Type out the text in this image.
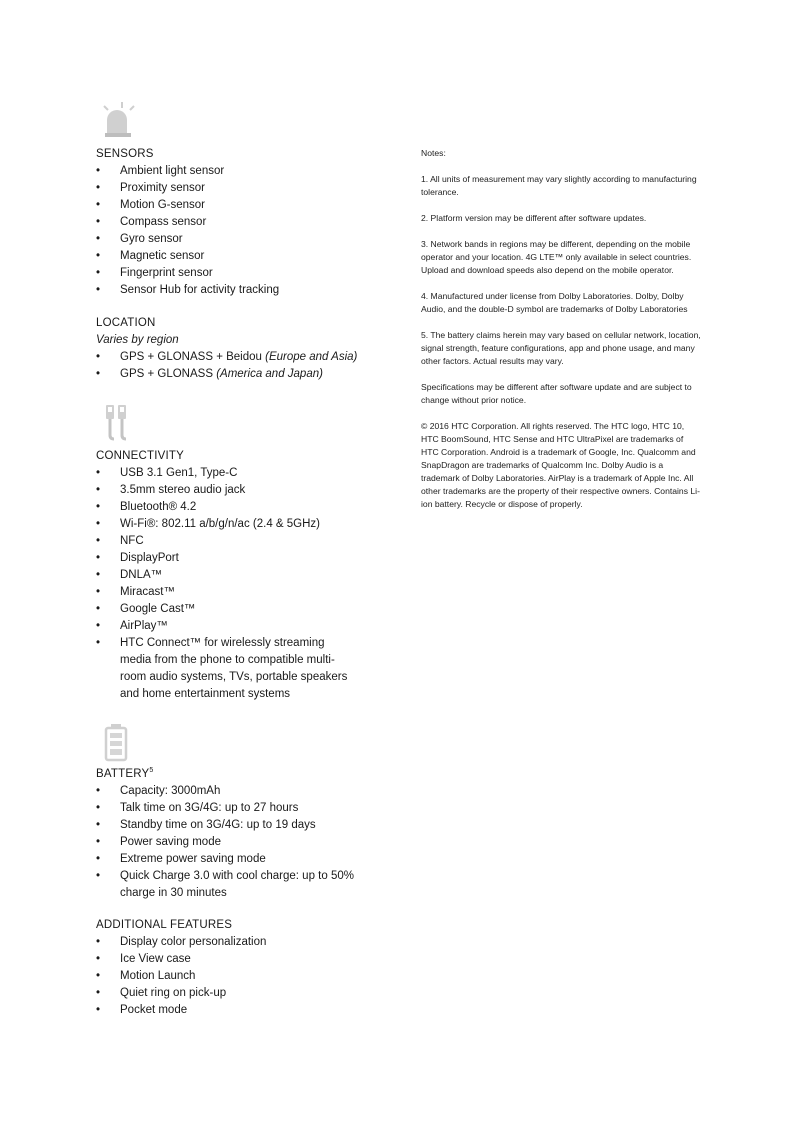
SENSORS
• Ambient light sensor
• Proximity sensor
• Motion G-sensor
• Compass sensor
• Gyro sensor
• Magnetic sensor
• Fingerprint sensor
• Sensor Hub for activity tracking
LOCATION
Varies by region
• GPS + GLONASS + Beidou (Europe and Asia)
• GPS + GLONASS (America and Japan)
CONNECTIVITY
• USB 3.1 Gen1, Type-C
• 3.5mm stereo audio jack
• Bluetooth® 4.2
• Wi-Fi®: 802.11 a/b/g/n/ac (2.4 & 5GHz)
• NFC
• DisplayPort
• DNLA™
• Miracast™
• Google Cast™
• AirPlay™
• HTC Connect™ for wirelessly streaming media from the phone to compatible multi-room audio systems, TVs, portable speakers and home entertainment systems
BATTERY$^5$
• Capacity: 3000mAh
• Talk time on 3G/4G: up to 27 hours
• Standby time on 3G/4G: up to 19 days
• Power saving mode
• Extreme power saving mode
• Quick Charge 3.0 with cool charge: up to 50% charge in 30 minutes
ADDITIONAL FEATURES
• Display color personalization
• Ice View case
• Motion Launch
• Quiet ring on pick-up
• Pocket mode

Notes:

1. All units of measurement may vary slightly according to manufacturing tolerance.

2. Platform version may be different after software updates.

3. Network bands in regions may be different, depending on the mobile operator and your location. 4G LTE™ only available in select countries. Upload and download speeds also depend on the mobile operator.

4. Manufactured under license from Dolby Laboratories. Dolby, Dolby Audio, and the double-D symbol are trademarks of Dolby Laboratories

5. The battery claims herein may vary based on cellular network, location, signal strength, feature configurations, app and phone usage, and many other factors. Actual results may vary.

Specifications may be different after software update and are subject to change without prior notice.

© 2016 HTC Corporation. All rights reserved. The HTC logo, HTC 10, HTC BoomSound, HTC Sense and HTC UltraPixel are trademarks of HTC Corporation. Android is a trademark of Google, Inc. Qualcomm and SnapDragon are trademarks of Qualcomm Inc. Dolby Audio is a trademark of Dolby Laboratories. AirPlay is a trademark of Apple Inc. All other trademarks are the property of their respective owners. Contains Li-ion battery. Recycle or dispose of properly.
